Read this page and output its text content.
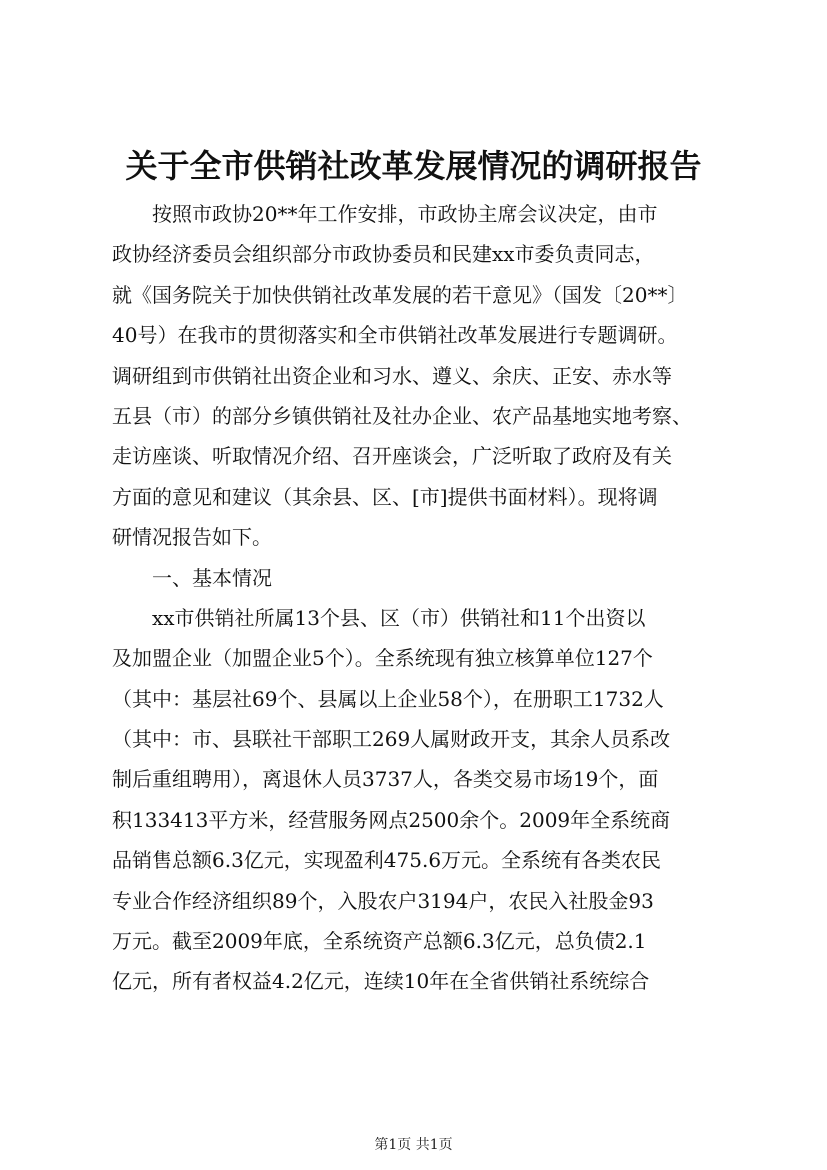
关于全市供销社改革发展情况的调研报告
按照市政协20**年工作安排，市政协主席会议决定，由市
政协经济委员会组织部分市政协委员和民建xx市委负责同志，
就《国务院关于加快供销社改革发展的若干意见》（国发〔20**〕
40号）在我市的贯彻落实和全市供销社改革发展进行专题调研。
调研组到市供销社出资企业和习水、遵义、余庆、正安、赤水等
五县（市）的部分乡镇供销社及社办企业、农产品基地实地考察、
走访座谈、听取情况介绍、召开座谈会，广泛听取了政府及有关
方面的意见和建议（其余县、区、[市]提供书面材料）。现将调
研情况报告如下。
一、基本情况
xx市供销社所属13个县、区（市）供销社和11个出资以
及加盟企业（加盟企业5个）。全系统现有独立核算单位127个
（其中：基层社69个、县属以上企业58个），在册职工1732人
（其中：市、县联社干部职工269人属财政开支，其余人员系改
制后重组聘用），离退休人员3737人，各类交易市场19个，面
积133413平方米，经营服务网点2500余个。2009年全系统商
品销售总额6.3亿元，实现盈利475.6万元。全系统有各类农民
专业合作经济组织89个，入股农户3194户，农民入社股金93
万元。截至2009年底，全系统资产总额6.3亿元，总负债2.1
亿元，所有者权益4.2亿元，连续10年在全省供销社系统综合
第1页 共1页
